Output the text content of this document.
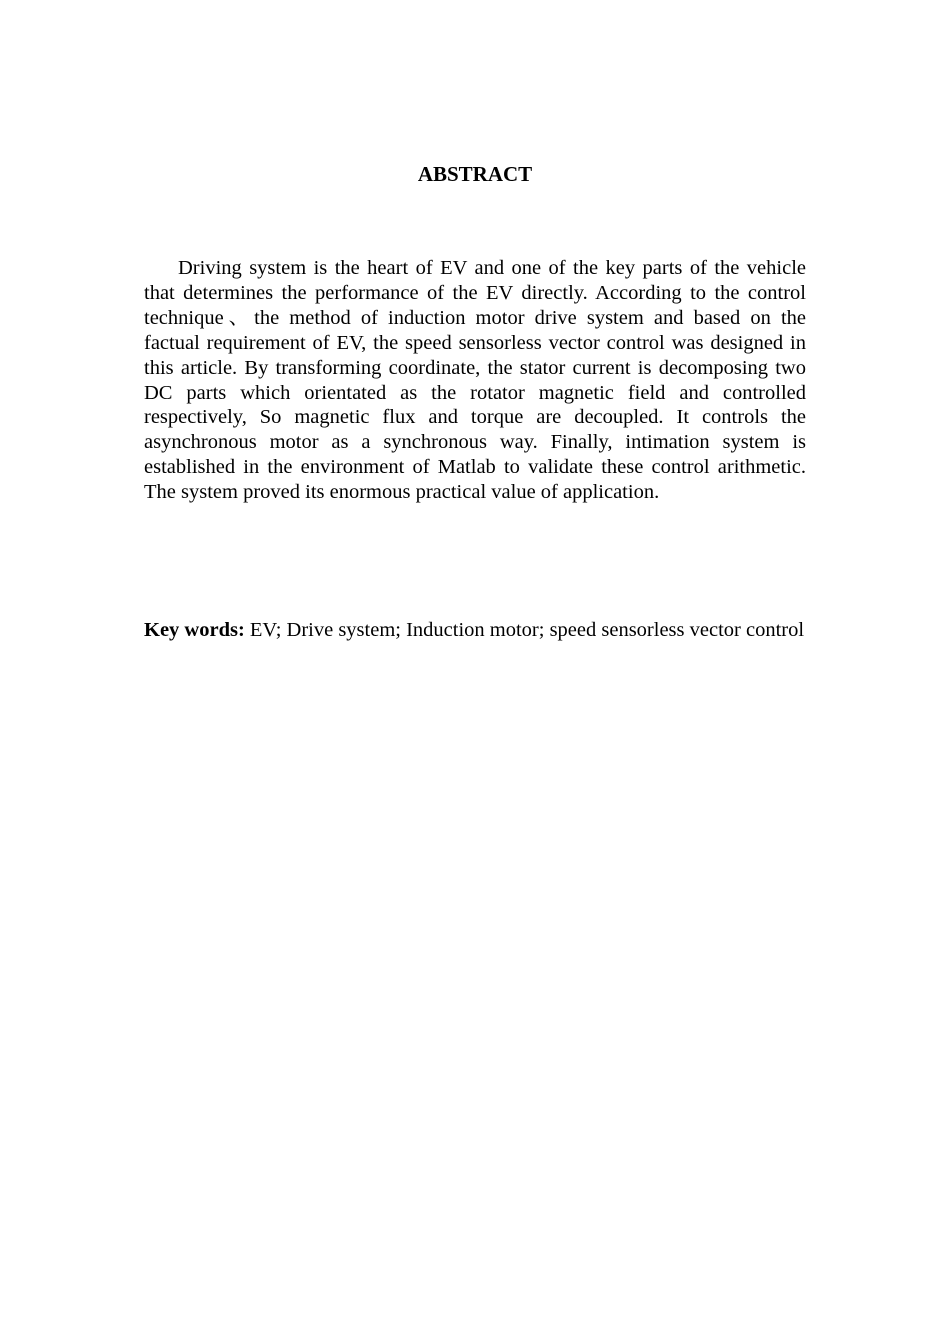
ABSTRACT

Driving system is the heart of EV and one of the key parts of the vehicle that determines the performance of the EV directly. According to the control technique、the method of induction motor drive system and based on the factual requirement of EV, the speed sensorless vector control was designed in this article. By transforming coordinate, the stator current is decomposing two DC parts which orientated as the rotator magnetic field and controlled respectively, So magnetic flux and torque are decoupled. It controls the asynchronous motor as a synchronous way. Finally, intimation system is established in the environment of Matlab to validate these control arithmetic. The system proved its enormous practical value of application.

Key words: EV; Drive system; Induction motor; speed sensorless vector control
